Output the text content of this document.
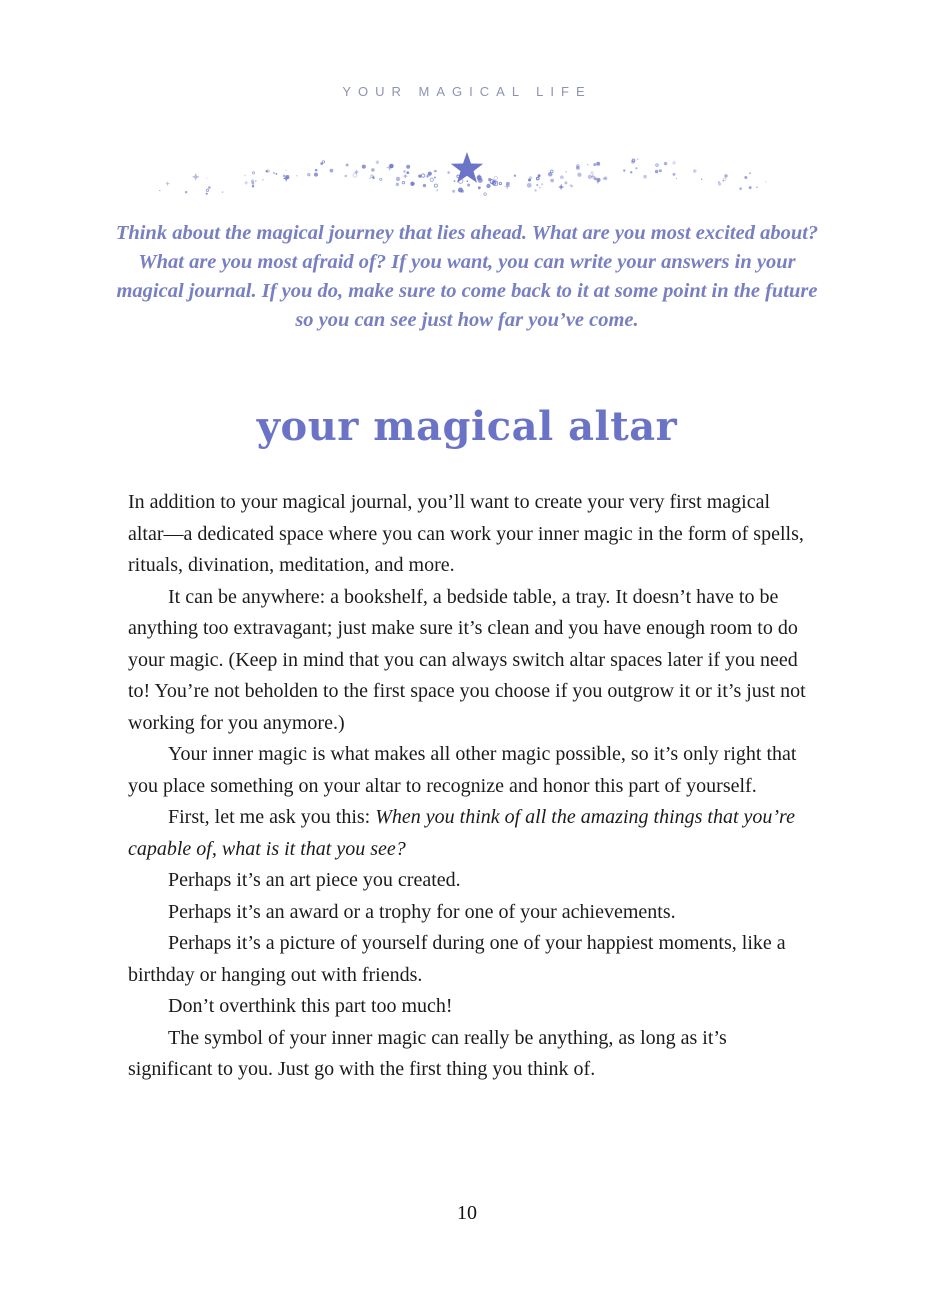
YOUR MAGICAL LIFE
Think about the magical journey that lies ahead. What are you most excited about? What are you most afraid of? If you want, you can write your answers in your magical journal. If you do, make sure to come back to it at some point in the future so you can see just how far you’ve come.
your magical altar

In addition to your magical journal, you’ll want to create your very first magical altar—a dedicated space where you can work your inner magic in the form of spells, rituals, divination, meditation, and more.

It can be anywhere: a bookshelf, a bedside table, a tray. It doesn’t have to be anything too extravagant; just make sure it’s clean and you have enough room to do your magic. (Keep in mind that you can always switch altar spaces later if you need to! You’re not beholden to the first space you choose if you outgrow it or it’s just not working for you anymore.)

Your inner magic is what makes all other magic possible, so it’s only right that you place something on your altar to recognize and honor this part of yourself.

First, let me ask you this: When you think of all the amazing things that you’re capable of, what is it that you see?

Perhaps it’s an art piece you created.

Perhaps it’s an award or a trophy for one of your achievements.

Perhaps it’s a picture of yourself during one of your happiest moments, like a birthday or hanging out with friends.

Don’t overthink this part too much!

The symbol of your inner magic can really be anything, as long as it’s significant to you. Just go with the first thing you think of.

10
